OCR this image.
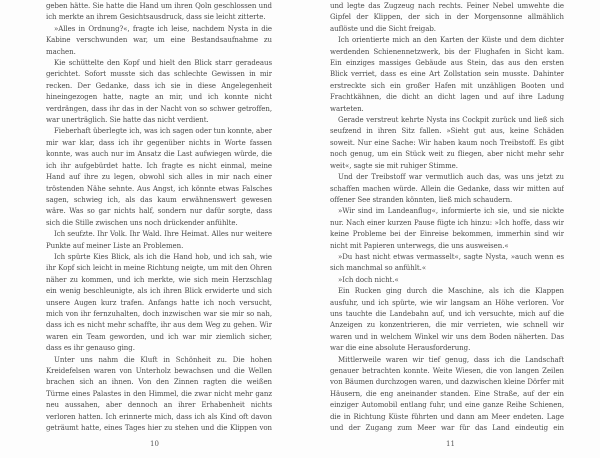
geben hätte. Sie hatte die Hand um ihren Qoln geschlossen und ich merkte an ihrem Gesichtsausdruck, dass sie leicht zitterte.

»Alles in Ordnung?«, fragte ich leise, nachdem Nysta in die Kabine verschwunden war, um eine Bestandsaufnahme zu machen.

Kie schüttelte den Kopf und hielt den Blick starr geradeaus gerichtet. Sofort musste sich das schlechte Gewissen in mir recken. Der Gedanke, dass ich sie in diese Angelegenheit hineingezogen hatte, nagte an mir, und ich konnte nicht verdrängen, dass ihr das in der Nacht von so schwer getroffen, war unerträglich. Sie hatte das nicht verdient.

Fieberhaft überlegte ich, was ich sagen oder tun konnte, aber mir war klar, dass ich ihr gegenüber nichts in Worte fassen konnte, was auch nur im Ansatz die Last aufwiegen würde, die ich ihr aufgebürdet hatte. Ich fragte es nicht einmal, meine Hand auf ihre zu legen, obwohl sich alles in mir nach einer tröstenden Nähe sehnte. Aus Angst, ich könnte etwas Falsches sagen, schwieg ich, als das kaum erwähnenswert gewesen wäre. Was so gar nichts half, sondern nur dafür sorgte, dass sich die Stille zwischen uns noch drückender anfühlte.

Ich seufzte. Ihr Volk. Ihr Wald. Ihre Heimat. Alles nur weitere Punkte auf meiner Liste an Problemen.

Ich spürte Kies Blick, als ich die Hand hob, und ich sah, wie ihr Kopf sich leicht in meine Richtung neigte, um mit den Ohren näher zu kommen, und ich merkte, wie sich mein Herzschlag ein wenig beschleunigte, als ich ihren Blick erwiderte und sich unsere Augen kurz trafen. Anfangs hatte ich noch versucht, mich von ihr fernzuhalten, doch inzwischen war sie mir so nah, dass ich es nicht mehr schaffte, ihr aus dem Weg zu gehen. Wir waren ein Team geworden, und ich war mir ziemlich sicher, dass es ihr genauso ging.

Unter uns nahm die Kluft in Schönheit zu. Die hohen Kreidefelsen waren von Unterholz bewachsen und die Wellen brachen sich an ihnen. Von den Zinnen ragten die weißen Türme eines Palastes in den Himmel, die zwar nicht mehr ganz neu aussahen, aber dennoch an ihrer Erhabenheit nichts verloren hatten. Ich erinnerte mich, dass ich als Kind oft davon geträumt hatte, eines Tages hier zu stehen und die Klippen von

10

und legte das Zugzeug nach rechts. Feiner Nebel umwehte die Gipfel der Klippen, der sich in der Morgensonne allmählich auflöste und die Sicht freigab.

Ich orientierte mich an den Karten der Küste und dem dichter werdenden Schienennetzwerk, bis der Flughafen in Sicht kam. Ein einziges massiges Gebäude aus Stein, das aus den ersten Blick verriet, dass es eine Art Zollstation sein musste. Dahinter erstreckte sich ein großer Hafen mit unzähligen Booten und Frachtkähnen, die dicht an dicht lagen und auf ihre Ladung warteten.

Gerade verstreut kehrte Nysta ins Cockpit zurück und ließ sich seufzend in ihren Sitz fallen. »Sieht gut aus, keine Schäden soweit. Nur eine Sache: Wir haben kaum noch Treibstoff. Es gibt noch genug, um ein Stück weit zu fliegen, aber nicht mehr sehr weit«, sagte sie mit ruhiger Stimme.

Und der Treibstoff war vermutlich auch das, was uns jetzt zu schaffen machen würde. Allein die Gedanke, dass wir mitten auf offener See stranden könnten, ließ mich schaudern.

»Wir sind im Landeanflug«, informierte ich sie, und sie nickte nur. Nach einer kurzen Pause fügte ich hinzu: »Ich hoffe, dass wir keine Probleme bei der Einreise bekommen, immerhin sind wir nicht mit Papieren unterwegs, die uns ausweisen.«

»Du hast nicht etwas vermasselt«, sagte Nysta, »auch wenn es sich manchmal so anfühlt.«

»Ich doch nicht.«

Ein Rucken ging durch die Maschine, als ich die Klappen ausfuhr, und ich spürte, wie wir langsam an Höhe verloren. Vor uns tauchte die Landebahn auf, und ich versuchte, mich auf die Anzeigen zu konzentrieren, die mir verrieten, wie schnell wir waren und in welchem Winkel wir uns dem Boden näherten. Das war die eine absolute Herausforderung.

Mittlerweile waren wir tief genug, dass ich die Landschaft genauer betrachten konnte. Weite Wiesen, die von langen Zeilen von Bäumen durchzogen waren, und dazwischen kleine Dörfer mit Häusern, die eng aneinander standen. Eine Straße, auf der ein einziger Automobil entlang fuhr, und eine ganze Reihe Schienen, die in Richtung Küste führten und dann am Meer endeten. Lage und der Zugang zum Meer war für das Land eindeutig ein

11
